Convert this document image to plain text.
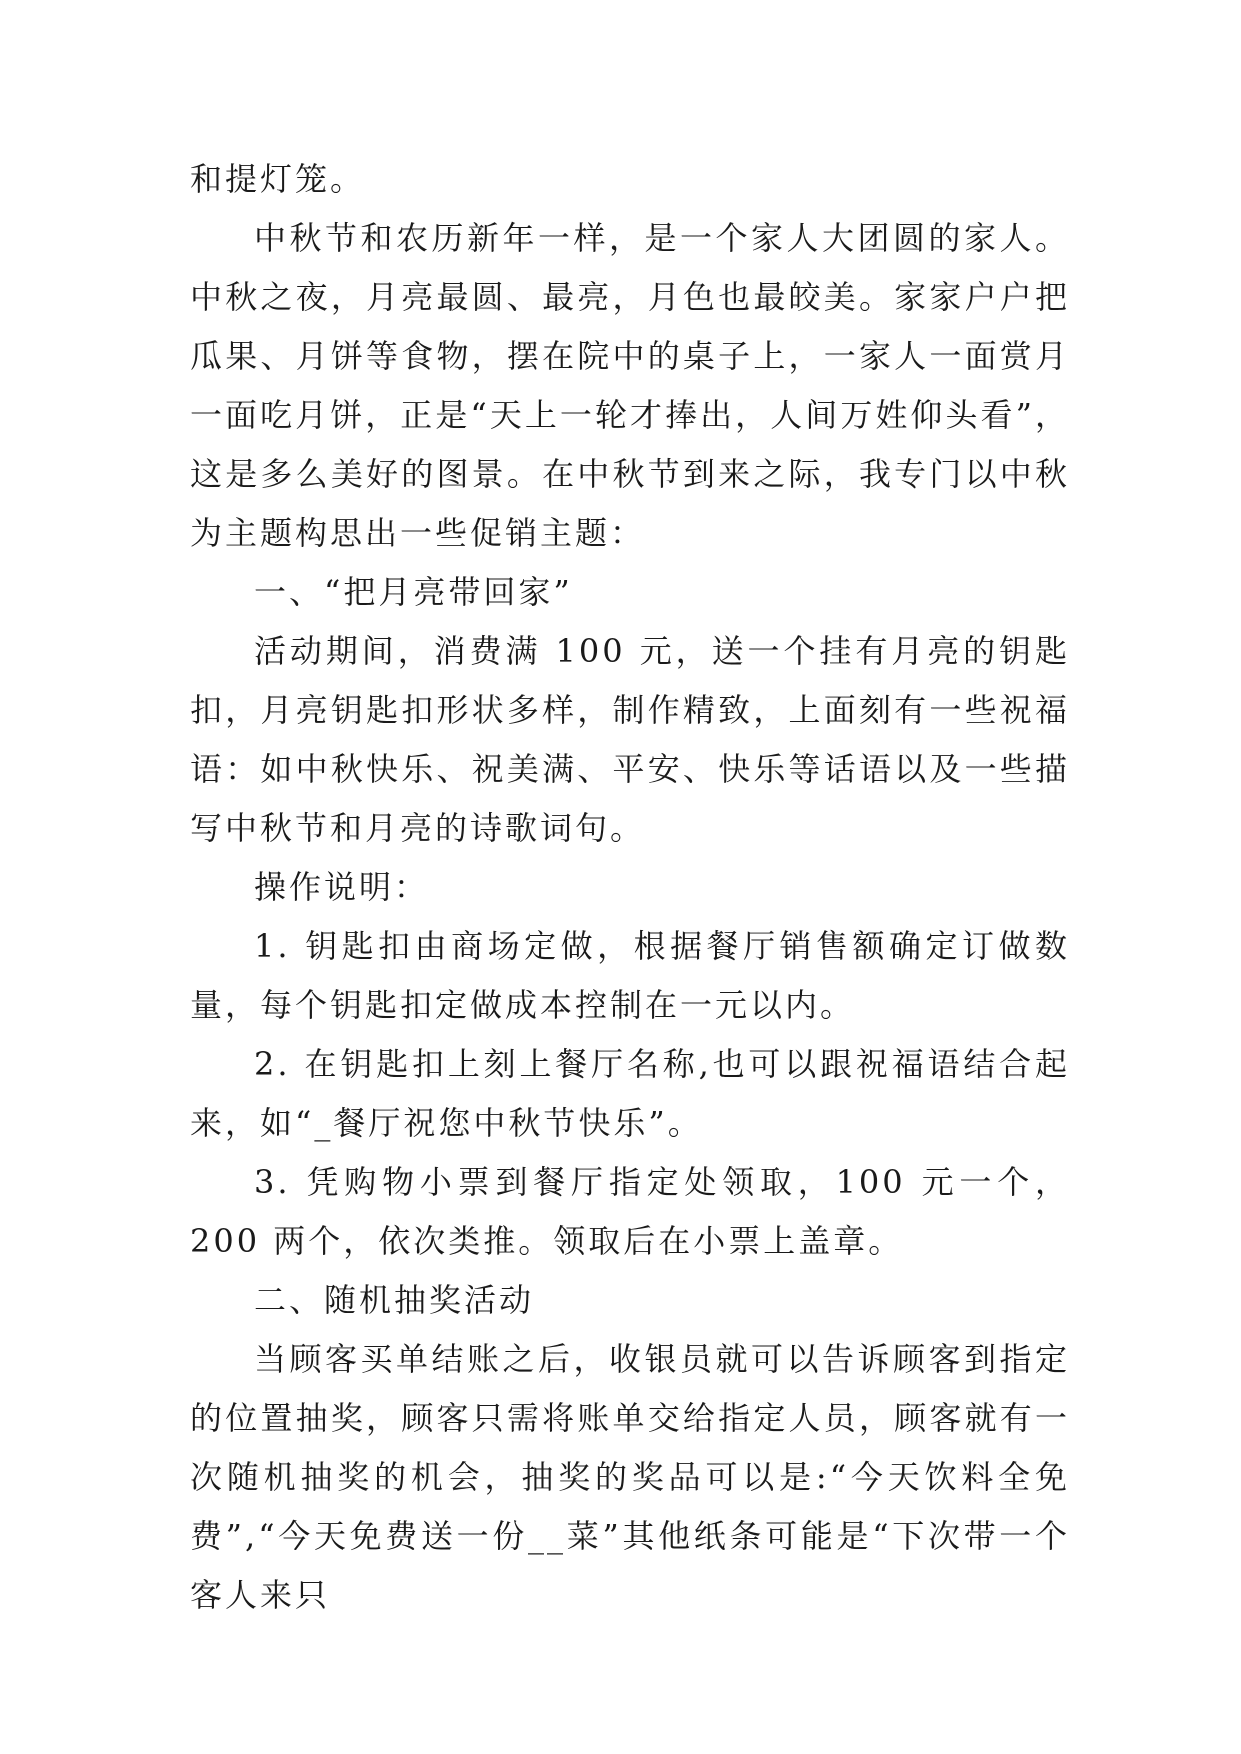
和提灯笼。

中秋节和农历新年一样，是一个家人大团圆的家人。中秋之夜，月亮最圆、最亮，月色也最皎美。家家户户把瓜果、月饼等食物，摆在院中的桌子上，一家人一面赏月一面吃月饼，正是“天上一轮才捧出，人间万姓仰头看”，这是多么美好的图景。在中秋节到来之际，我专门以中秋为主题构思出一些促销主题：

一、“把月亮带回家”

活动期间，消费满 100 元，送一个挂有月亮的钥匙扣，月亮钥匙扣形状多样，制作精致，上面刻有一些祝福语：如中秋快乐、祝美满、平安、快乐等话语以及一些描写中秋节和月亮的诗歌词句。

操作说明：

1. 钥匙扣由商场定做，根据餐厅销售额确定订做数量，每个钥匙扣定做成本控制在一元以内。

2. 在钥匙扣上刻上餐厅名称,也可以跟祝福语结合起来，如“_餐厅祝您中秋节快乐”。

3. 凭购物小票到餐厅指定处领取，100 元一个，200 两个，依次类推。领取后在小票上盖章。

二、随机抽奖活动

当顾客买单结账之后，收银员就可以告诉顾客到指定的位置抽奖，顾客只需将账单交给指定人员，顾客就有一次随机抽奖的机会，抽奖的奖品可以是:“今天饮料全免费”,“今天免费送一份__菜”其他纸条可能是“下次带一个客人来只
